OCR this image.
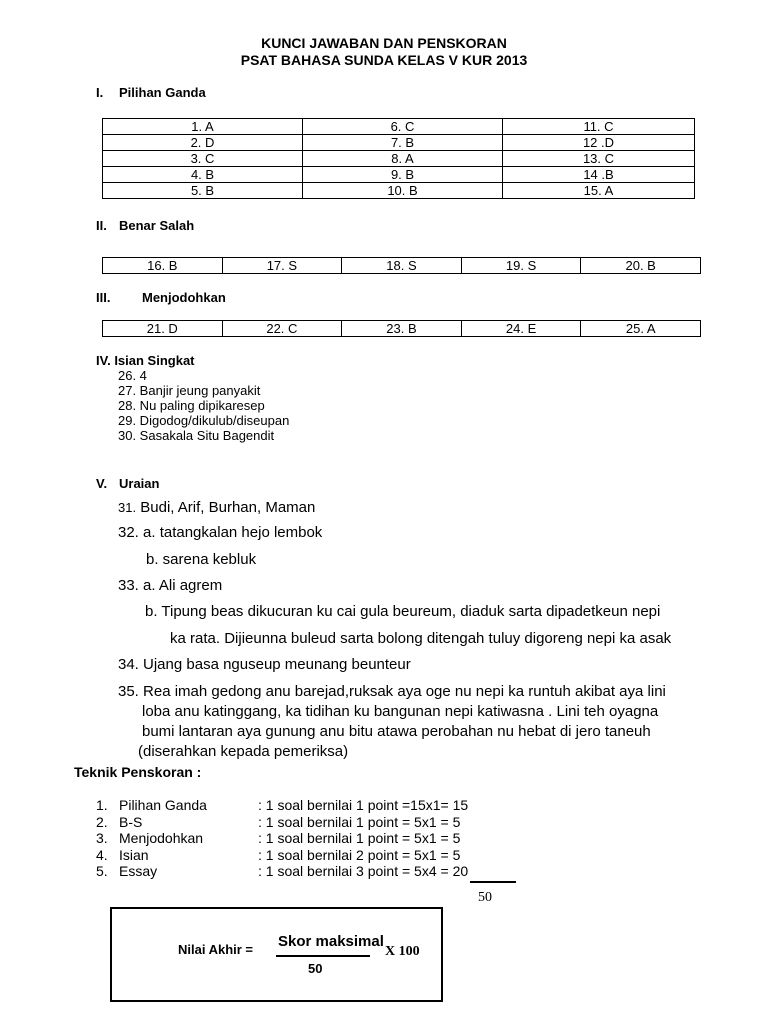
KUNCI JAWABAN DAN PENSKORAN
PSAT BAHASA SUNDA KELAS V KUR 2013
I. Pilihan Ganda
1. A	6. C	11. C
2. D	7. B	12 .D
3. C	8. A	13. C
4. B	9. B	14 .B
5. B	10. B	15. A
II. Benar Salah
16. B	17. S	18. S	19. S	20. B
III. Menjodohkan
21. D	22. C	23. B	24. E	25. A
IV. Isian Singkat
26. 4
27. Banjir jeung panyakit
28. Nu paling dipikaresep
29. Digodog/dikulub/diseupan
30. Sasakala Situ Bagendit
V. Uraian
31. Budi, Arif, Burhan, Maman
32. a. tatangkalan hejo lembok
b. sarena kebluk
33. a. Ali agrem
b. Tipung beas dikucuran ku cai gula beureum, diaduk sarta dipadetkeun nepi
ka rata. Dijieunna buleud sarta bolong ditengah tuluy digoreng nepi ka asak
34. Ujang basa nguseup meunang beunteur
35. Rea imah gedong anu barejad,ruksak aya oge nu nepi ka runtuh akibat aya lini
loba anu katinggang, ka tidihan ku bangunan nepi katiwasna . Lini teh oyagna
bumi lantaran aya gunung anu bitu atawa perobahan nu hebat di jero taneuh
(diserahkan kepada pemeriksa)
Teknik Penskoran :
1. Pilihan Ganda	: 1 soal bernilai 1 point =15x1= 15
2. B-S	: 1 soal bernilai 1 point = 5x1 = 5
3. Menjodohkan	: 1 soal bernilai 1 point = 5x1 = 5
4. Isian	: 1 soal bernilai 2 point = 5x1 = 5
5. Essay	: 1 soal bernilai 3 point = 5x4 = 20
50
Nilai Akhir = Skor maksimal
50
X 100
